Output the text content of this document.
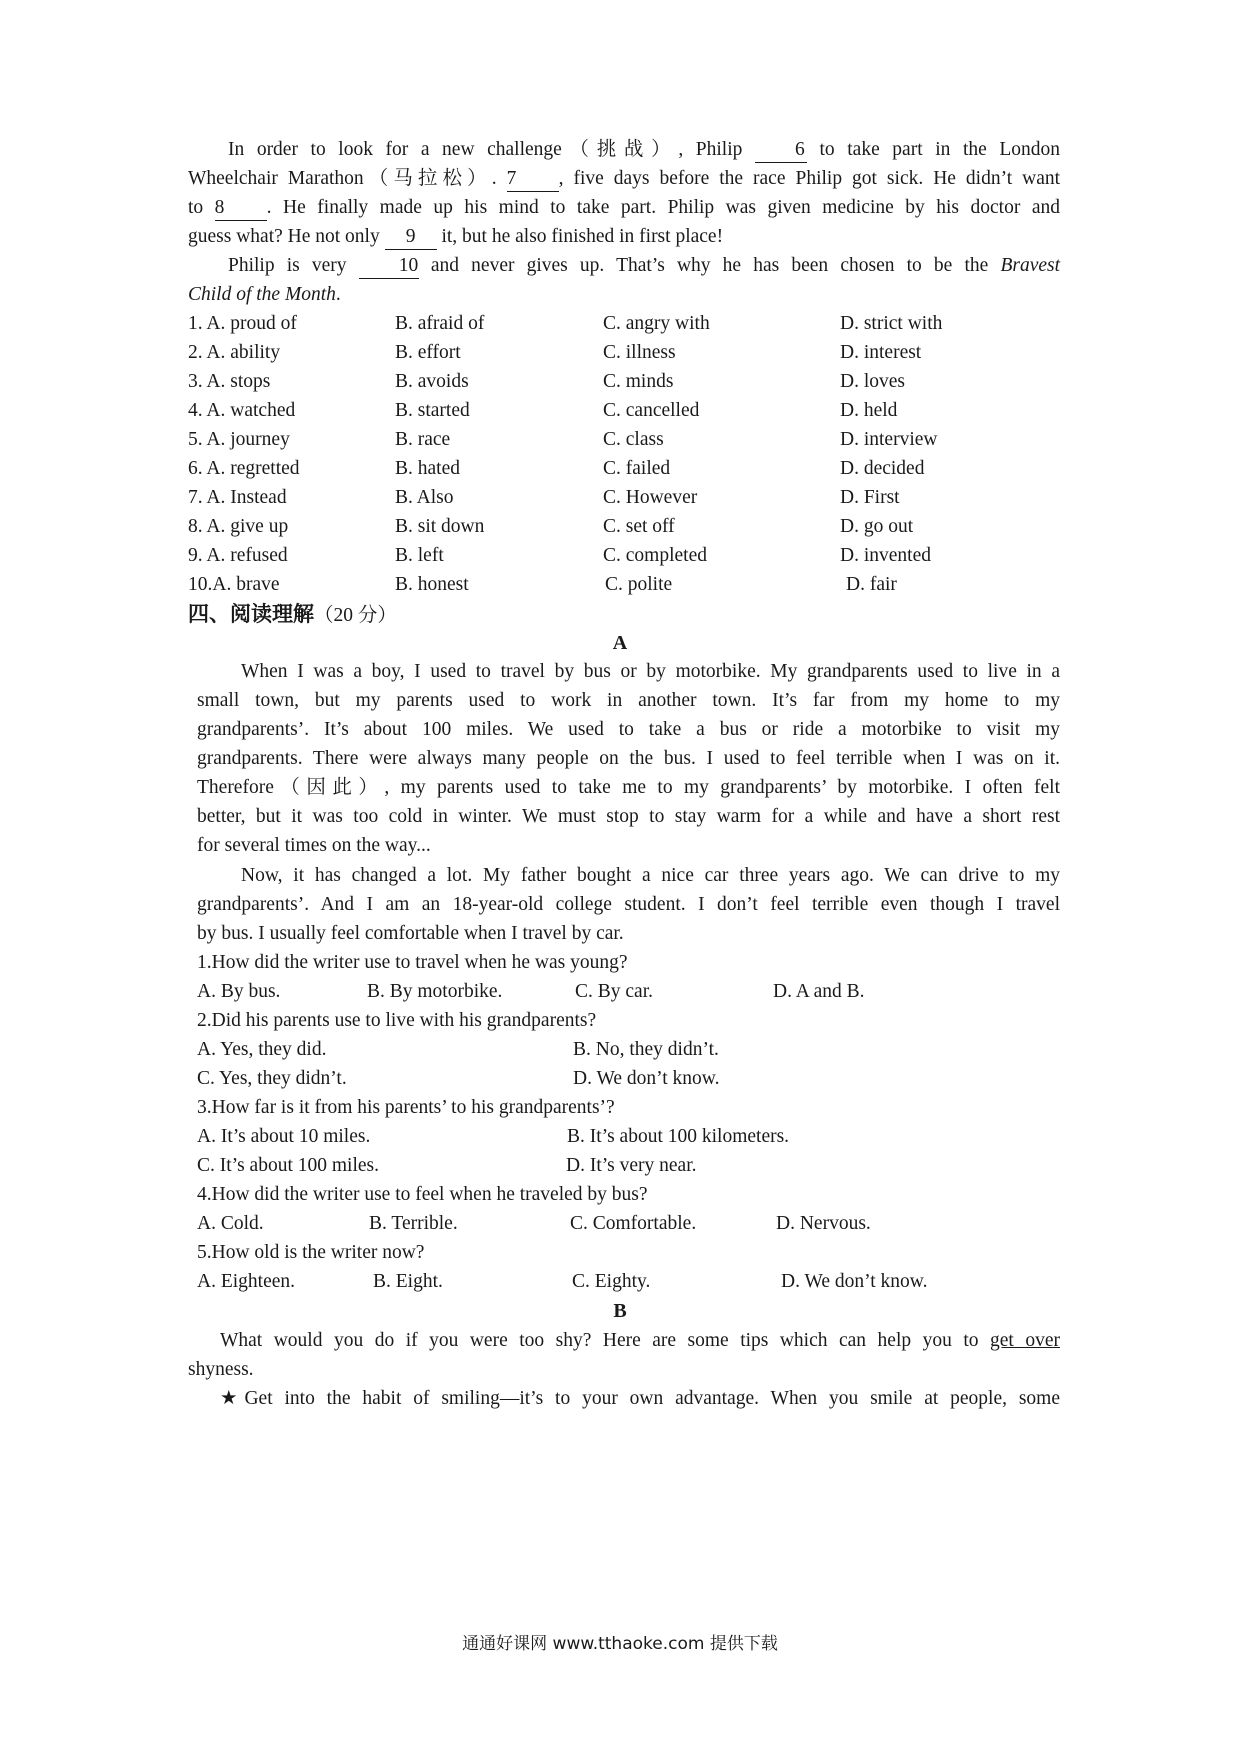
In order to look for a new challenge（挑战）, Philip	6 to take part in the London
Wheelchair Marathon（马拉松）. 7 , five days before the race Philip got sick. He didn’t want
to 8 . He finally made up his mind to take part. Philip was given medicine by his doctor and
guess what? He not only 9 it, but he also finished in first place!
Philip is very	10 and never gives up. That’s why he has been chosen to be the Bravest
Child of the Month.
1. A. proud of	B. afraid of	C. angry with	D. strict with
2. A. ability	B. effort	C. illness	D. interest
3. A. stops	B. avoids	C. minds	D. loves
4. A. watched	B. started	C. cancelled	D. held
5. A. journey	B. race	C. class	D. interview
6. A. regretted	B. hated	C. failed	D. decided
7. A. Instead	B. Also	C. However	D. First
8. A. give up	B. sit down	C. set off	D. go out
9. A. refused	B. left	C. completed	D. invented
10.A. brave	B. honest	C. polite	D. fair
四、阅读理解（20 分）
A
When I was a boy, I used to travel by bus or by motorbike. My grandparents used to live in a
small town, but my parents used to work in another town. It’s far from my home to my
grandparents’. It’s about 100 miles. We used to take a bus or ride a motorbike to visit my
grandparents. There were always many people on the bus. I used to feel terrible when I was on it.
Therefore（因此）, my parents used to take me to my grandparents’ by motorbike. I often felt
better, but it was too cold in winter. We must stop to stay warm for a while and have a short rest
for several times on the way...
Now, it has changed a lot. My father bought a nice car three years ago. We can drive to my
grandparents’. And I am an 18-year-old college student. I don’t feel terrible even though I travel
by bus. I usually feel comfortable when I travel by car.
1.How did the writer use to travel when he was young?
A. By bus.	B. By motorbike.	C. By car.	D. A and B.
2.Did his parents use to live with his grandparents?
A. Yes, they did.	B. No, they didn’t.
C. Yes, they didn’t.	D. We don’t know.
3.How far is it from his parents’ to his grandparents’?
A. It’s about 10 miles.	B. It’s about 100 kilometers.
C. It’s about 100 miles.	D. It’s very near.
4.How did the writer use to feel when he traveled by bus?
A. Cold.	B. Terrible.	C. Comfortable.	D. Nervous.
5.How old is the writer now?
A. Eighteen.	B. Eight.	C. Eighty.	D. We don’t know.
B
What would you do if you were too shy? Here are some tips which can help you to get over
shyness.
★Get into the habit of smiling—it’s to your own advantage. When you smile at people, some
通通好课网 www.tthaoke.com 提供下载
